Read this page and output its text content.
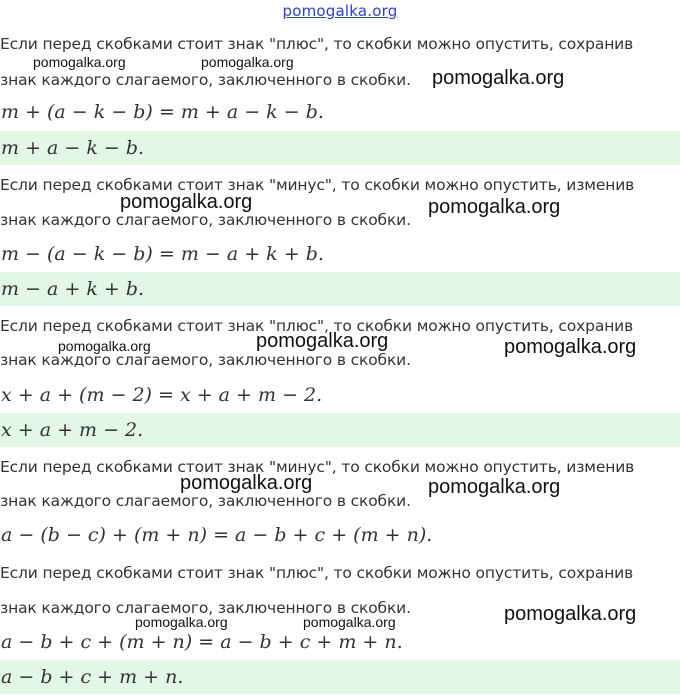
pomogalka.org
Если перед скобками стоит знак "плюс", то скобки можно опустить, сохранив
знак каждого слагаемого, заключенного в скобки.
m + (a − k − b) = m + a − k − b.
m + a − k − b.
Если перед скобками стоит знак "минус", то скобки можно опустить, изменив
знак каждого слагаемого, заключенного в скобки.
m − (a − k − b) = m − a + k + b.
m − a + k + b.
Если перед скобками стоит знак "плюс", то скобки можно опустить, сохранив
знак каждого слагаемого, заключенного в скобки.
x + a + (m − 2) = x + a + m − 2.
x + a + m − 2.
Если перед скобками стоит знак "минус", то скобки можно опустить, изменив
знак каждого слагаемого, заключенного в скобки.
a − (b − c) + (m + n) = a − b + c + (m + n).
Если перед скобками стоит знак "плюс", то скобки можно опустить, сохранив
знак каждого слагаемого, заключенного в скобки.
a − b + c + (m + n) = a − b + c + m + n.
a − b + c + m + n.
pomogalka.org	pomogalka.org
pomogalka.org
pomogalka.org	pomogalka.org
pomogalka.org	pomogalka.org	pomogalka.org
pomogalka.org	pomogalka.org
pomogalka.org
pomogalka.org	pomogalka.org
